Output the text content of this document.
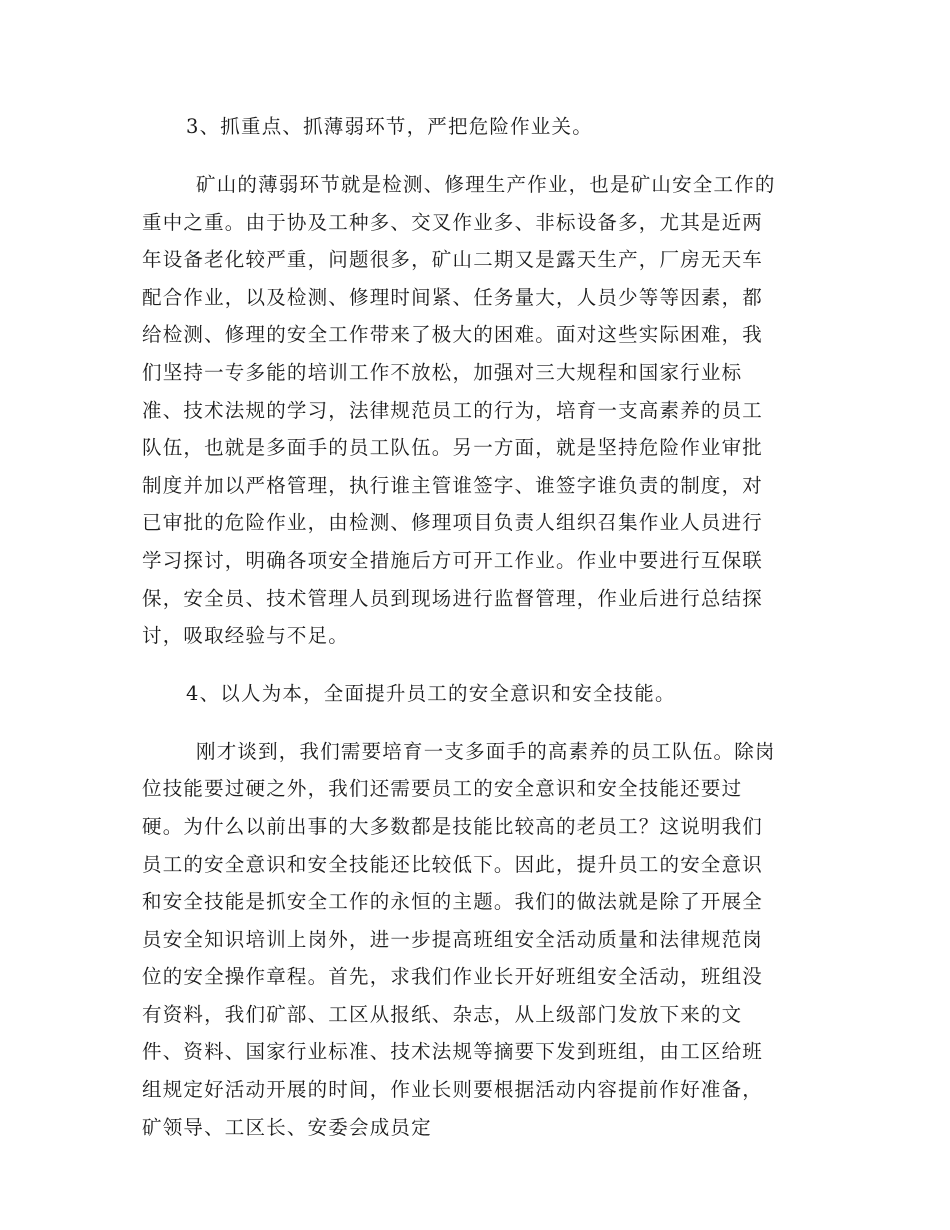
3、抓重点、抓薄弱环节，严把危险作业关。

矿山的薄弱环节就是检测、修理生产作业，也是矿山安全工作的
重中之重。由于协及工种多、交叉作业多、非标设备多，尤其是近两
年设备老化较严重，问题很多，矿山二期又是露天生产，厂房无天车
配合作业，以及检测、修理时间紧、任务量大，人员少等等因素，都
给检测、修理的安全工作带来了极大的困难。面对这些实际困难，我
们坚持一专多能的培训工作不放松，加强对三大规程和国家行业标
准、技术法规的学习，法律规范员工的行为，培育一支高素养的员工
队伍，也就是多面手的员工队伍。另一方面，就是坚持危险作业审批
制度并加以严格管理，执行谁主管谁签字、谁签字谁负责的制度，对
已审批的危险作业，由检测、修理项目负责人组织召集作业人员进行
学习探讨，明确各项安全措施后方可开工作业。作业中要进行互保联
保，安全员、技术管理人员到现场进行监督管理，作业后进行总结探
讨，吸取经验与不足。

4、以人为本，全面提升员工的安全意识和安全技能。

刚才谈到，我们需要培育一支多面手的高素养的员工队伍。除岗
位技能要过硬之外，我们还需要员工的安全意识和安全技能还要过
硬。为什么以前出事的大多数都是技能比较高的老员工？这说明我们
员工的安全意识和安全技能还比较低下。因此，提升员工的安全意识
和安全技能是抓安全工作的永恒的主题。我们的做法就是除了开展全
员安全知识培训上岗外，进一步提高班组安全活动质量和法律规范岗
位的安全操作章程。首先，求我们作业长开好班组安全活动，班组没
有资料，我们矿部、工区从报纸、杂志，从上级部门发放下来的文
件、资料、国家行业标准、技术法规等摘要下发到班组，由工区给班
组规定好活动开展的时间，作业长则要根据活动内容提前作好准备，
矿领导、工区长、安委会成员定
